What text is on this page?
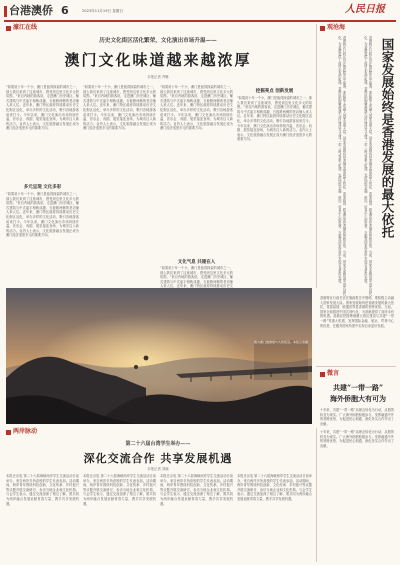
台港澳侨 6	2023年11月19日 星期日	人民日报
濠江在线
历史文化街区活化繁荣，文化演出市场升温——
澳门文化味道越来越浓厚
本报记者 齐琳
“如果说十年一个小，澳门是值得探索的城市之一，那么我们来到了这座城市，感受到这里文化多元的氛围。”来自内地的游客说，走进澳门历史城区，葡式建筑与中式庙宇相映成趣，石板路两侧的老店铺人来人往。近年来，澳门特区政府持续推动历史文化街区活化，举办多样的文化活动，吸引各地游客前来打卡。今年以来，澳门文化演出市场持续升温，音乐会、戏剧、展览接连登场，为城市注入新的活力。业内人士表示，文化旅游融合发展正成为澳门经济适度多元的重要方向。
多元呈现 文化多彩
“如果说十年一个小，澳门是值得探索的城市之一，那么我们来到了这座城市，感受到这里文化多元的氛围。”来自内地的游客说，走进澳门历史城区，葡式建筑与中式庙宇相映成趣，石板路两侧的老店铺人来人往。近年来，澳门特区政府持续推动历史文化街区活化，举办多样的文化活动，吸引各地游客前来打卡。今年以来，澳门文化演出市场持续升温，音乐会、戏剧、展览接连登场，为城市注入新的活力。业内人士表示，文化旅游融合发展正成为澳门经济适度多元的重要方向。
“如果说十年一个小，澳门是值得探索的城市之一，那么我们来到了这座城市，感受到这里文化多元的氛围。”来自内地的游客说，走进澳门历史城区，葡式建筑与中式庙宇相映成趣，石板路两侧的老店铺人来人往。近年来，澳门特区政府持续推动历史文化街区活化，举办多样的文化活动，吸引各地游客前来打卡。今年以来，澳门文化演出市场持续升温，音乐会、戏剧、展览接连登场，为城市注入新的活力。业内人士表示，文化旅游融合发展正成为澳门经济适度多元的重要方向。
“如果说十年一个小，澳门是值得探索的城市之一，那么我们来到了这座城市，感受到这里文化多元的氛围。”来自内地的游客说，走进澳门历史城区，葡式建筑与中式庙宇相映成趣，石板路两侧的老店铺人来人往。近年来，澳门特区政府持续推动历史文化街区活化，举办多样的文化活动，吸引各地游客前来打卡。今年以来，澳门文化演出市场持续升温，音乐会、戏剧、展览接连登场，为城市注入新的活力。业内人士表示，文化旅游融合发展正成为澳门经济适度多元的重要方向。
文化气息 共建在人
“如果说十年一个小，澳门是值得探索的城市之一，那么我们来到了这座城市，感受到这里文化多元的氛围。”来自内地的游客说，走进澳门历史城区，葡式建筑与中式庙宇相映成趣，石板路两侧的老店铺人来人往。近年来，澳门特区政府持续推动历史文
挖掘亮点 创新发展
“如果说十年一个小，澳门是值得探索的城市之一，那么我们来到了这座城市，感受到这里文化多元的氛围。”来自内地的游客说，走进澳门历史城区，葡式建筑与中式庙宇相映成趣，石板路两侧的老店铺人来人往。近年来，澳门特区政府持续推动历史文化街区活化，举办多样的文化活动，吸引各地游客前来打卡。今年以来，澳门文化演出市场持续升温，音乐会、戏剧、展览接连登场，为城市注入新的活力。业内人士表示，文化旅游融合发展正成为澳门经济适度多元的重要方向。
图为澳门旅游塔与大桥夜景。本报记者摄
观沧海
香港特区行政长官在施政报告中强调，要积极主动融入国家发展大局。国家发展始终是香港发展的最大依托，背靠祖国、联通世界是香港的独特优势。当前，国家全面推进中国式现代化，为香港提供了前所未有的机遇。香港应把握粤港澳大湾区建设与共建“一带一路”等重大机遇，发挥国际金融、航运、贸易中心的优势，在服务国家所需中实现自身更好发展。	香港特区行政长官在施政报告中强调，要积极主动融入国家发展大局。国家发展始终是香港发展的最大依托，背靠祖国、联通世界是香港的独特优势。当前，国家全面推进中国式现代化，为香港提供了前所未有的机遇。香港应把握粤港澳大湾区建设与共建“一带一路”等重大机遇，发挥国际金融、航运、贸易中心的优势，在服务国家所需中实现自身更好发展。	国家发展始终是香港发展的最大依托
香港特区行政长官在施政报告中强调，要积极主动融入国家发展大局。国家发展始终是香港发展的最大依托，背靠祖国、联通世界是香港的独特优势。当前，国家全面推进中国式现代化，为香港提供了前所未有的机遇。香港应把握粤港澳大湾区建设与共建“一带一路”等重大机遇，发挥国际金融、航运、贸易中心的优势，在服务国家所需中实现自身更好发展。
微言
共建“一带一路”
海外侨胞大有可为
十年来，共建“一带一路”从理念转化为行动，从愿景转变为现实。广大海外侨胞积极参与，发挥融通中外的独特优势，为促进民心相通、深化务实合作作出了贡献。
十年来，共建“一带一路”从理念转化为行动，从愿景转变为现实。广大海外侨胞积极参与，发挥融通中外的独特优势，为促进民心相通、深化务实合作作出了贡献。
两岸脉动
第二十六届台湾学生举办——
深化交流合作 共享发展机遇
本报记者 刘晓
本报北京电 第二十六届海峡两岸学生交流活动日前举办，来自两岸多所高校的学生代表参加。活动期间，两岸青年围绕科技创新、文化传承、乡村振兴等议题开展交流研讨，参访当地企业和文化机构。与会学生表示，通过交流加深了相互了解，愿共同为两岸融合发展贡献青春力量，携手共享发展机遇。
本报北京电 第二十六届海峡两岸学生交流活动日前举办，来自两岸多所高校的学生代表参加。活动期间，两岸青年围绕科技创新、文化传承、乡村振兴等议题开展交流研讨，参访当地企业和文化机构。与会学生表示，通过交流加深了相互了解，愿共同为两岸融合发展贡献青春力量，携手共享发展机遇。
本报北京电 第二十六届海峡两岸学生交流活动日前举办，来自两岸多所高校的学生代表参加。活动期间，两岸青年围绕科技创新、文化传承、乡村振兴等议题开展交流研讨，参访当地企业和文化机构。与会学生表示，通过交流加深了相互了解，愿共同为两岸融合发展贡献青春力量，携手共享发展机遇。
本报北京电 第二十六届海峡两岸学生交流活动日前举办，来自两岸多所高校的学生代表参加。活动期间，两岸青年围绕科技创新、文化传承、乡村振兴等议题开展交流研讨，参访当地企业和文化机构。与会学生表示，通过交流加深了相互了解，愿共同为两岸融合发展贡献青春力量，携手共享发展机遇。
